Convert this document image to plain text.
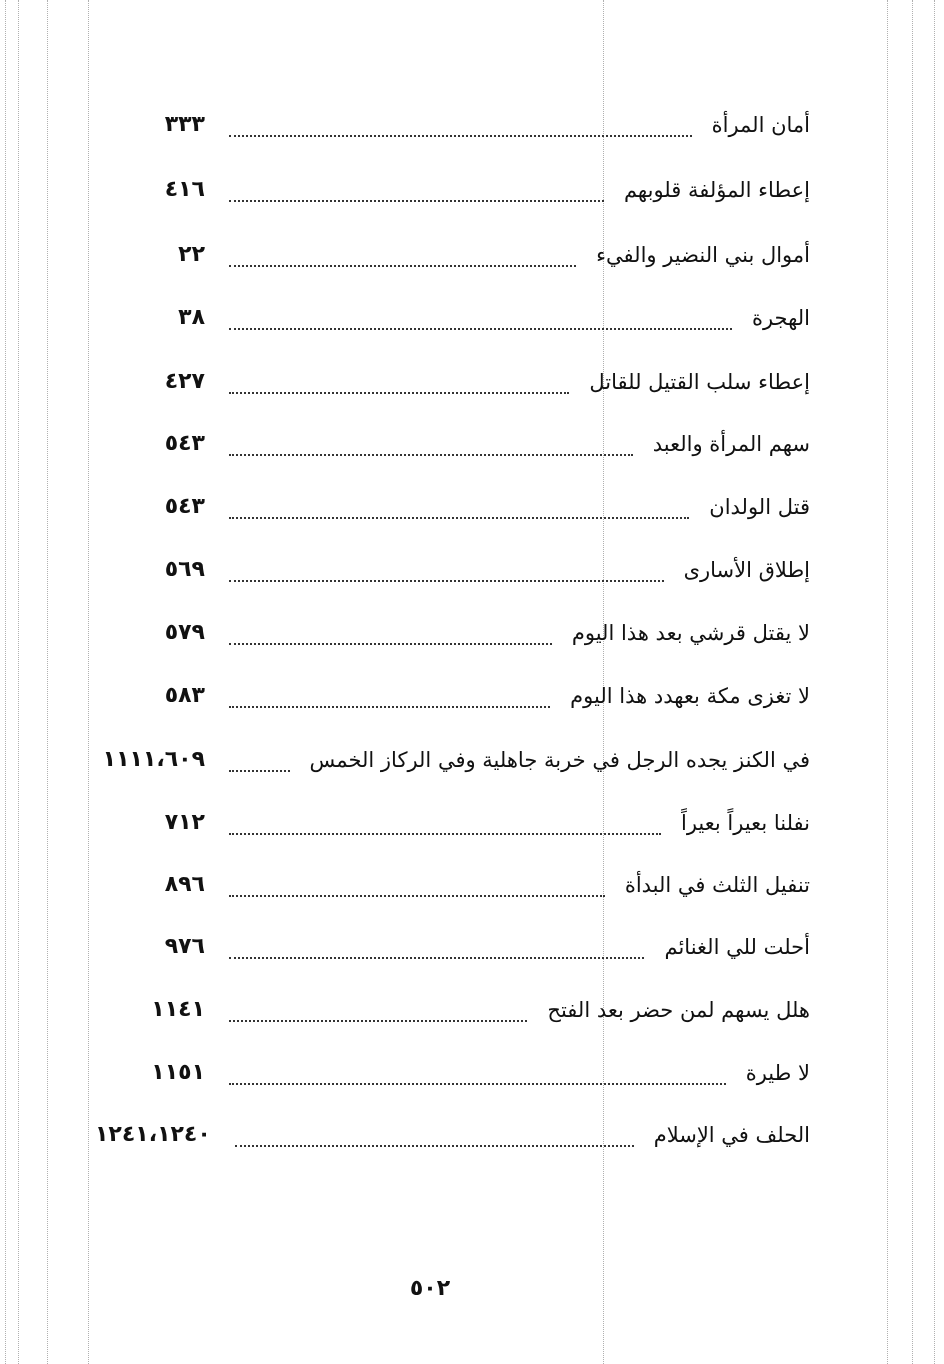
أمان المرأة
٣٣٣
إعطاء المؤلفة قلوبهم
٤١٦
أموال بني النضير والفيء
٢٢
الهجرة
٣٨
إعطاء سلب القتيل للقاتل
٤٢٧
سهم المرأة والعبد
٥٤٣
قتل الولدان
٥٤٣
إطلاق الأسارى
٥٦٩
لا يقتل قرشي بعد هذا اليوم
٥٧٩
لا تغزى مكة بعهدد هذا اليوم
٥٨٣
في الكنز يجده الرجل في خربة جاهلية وفي الركاز الخمس
١١١١،٦٠٩
نفلنا بعيراً بعيراً
٧١٢
تنفيل الثلث في البدأة
٨٩٦
أحلت للي الغنائم
٩٧٦
هلل يسهم لمن حضر بعد الفتح
١١٤١
لا طيرة
١١٥١
الحلف في الإسلام
١٢٤١،١٢٤٠
٥٠٢
